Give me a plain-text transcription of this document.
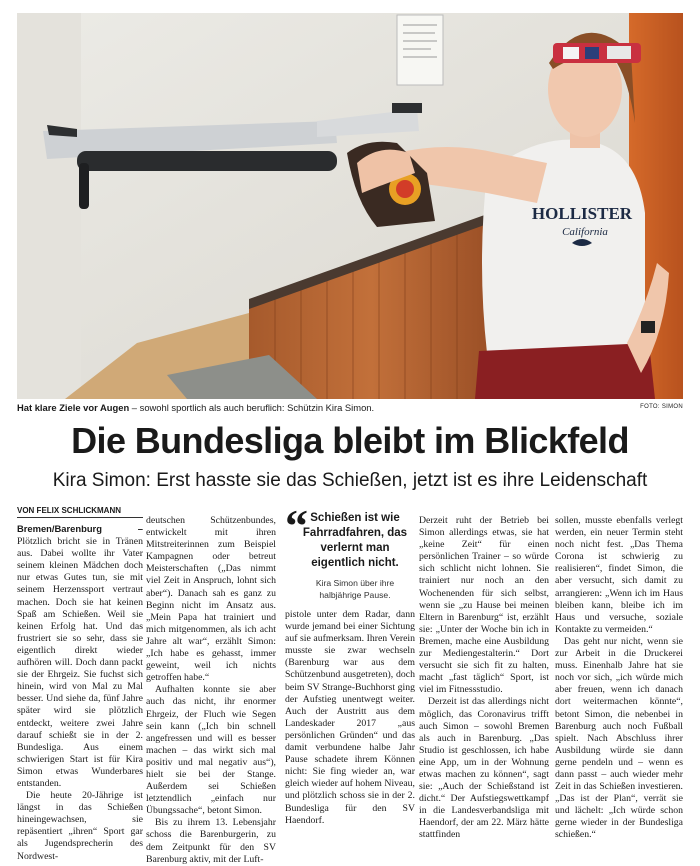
HOLLISTER
California
Hat klare Ziele vor Augen – sowohl sportlich als auch beruflich: Schützin Kira Simon.	FOTO: SIMON
Die Bundesliga bleibt im Blickfeld
Kira Simon: Erst hasste sie das Schießen, jetzt ist es ihre Leidenschaft
VON FELIX SCHLICKMANN

Bremen/Barenburg – Plötzlich bricht sie in Tränen aus. Dabei wollte ihr Vater seinem kleinen Mädchen doch nur etwas Gutes tun, sie mit seinem Herzenssport vertraut machen. Doch sie hat keinen Spaß am Schießen. Weil sie keinen Erfolg hat. Und das frustriert sie so sehr, dass sie eigentlich direkt wieder aufhören will. Doch dann packt sie der Ehrgeiz. Sie fuchst sich hinein, wird von Mal zu Mal besser. Und siehe da, fünf Jahre später wird sie plötzlich entdeckt, weitere zwei Jahre darauf schießt sie in der 2. Bundesliga. Aus einem schwierigen Start ist für Kira Simon etwas Wunderbares entstanden.

Die heute 20-Jährige ist längst in das Schießen hineingewachsen, sie repäsentiert „ihren“ Sport gar als Jugendsprecherin des Nordwest-

deutschen Schützenbundes, entwickelt mit ihren Mitstreiterinnen zum Beispiel Kampagnen oder betreut Meisterschaften („Das nimmt viel Zeit in Anspruch, lohnt sich aber“). Danach sah es ganz zu Beginn nicht im Ansatz aus. „Mein Papa hat trainiert und mich mitgenommen, als ich acht Jahre alt war“, erzählt Simon: „Ich habe es gehasst, immer geweint, weil ich nichts getroffen habe.“

Aufhalten konnte sie aber auch das nicht, ihr enormer Ehrgeiz, der Fluch wie Segen sein kann („Ich bin schnell angefressen und will es besser machen – das wirkt sich mal positiv und mal negativ aus“), hielt sie bei der Stange. Außerdem sei Schießen letztendlich „einfach nur Übungssache“, betont Simon.

Bis zu ihrem 13. Lebensjahr schoss die Barenburgerin, zu dem Zeitpunkt für den SV Barenburg aktiv, mit der Luft-

“ Schießen ist wie Fahrradfahren, das verlernt man eigentlich nicht.
Kira Simon über ihre halbjährige Pause.

pistole unter dem Radar, dann wurde jemand bei einer Sichtung auf sie aufmerksam. Ihren Verein musste sie zwar wechseln (Barenburg war aus dem Schützenbund ausgetreten), doch beim SV Strange-Buchhorst ging der Aufstieg unentwegt weiter. Auch der Austritt aus dem Landeskader 2017 „aus persönlichen Gründen“ und das damit verbundene halbe Jahr Pause schadete ihrem Können nicht: Sie fing wieder an, war gleich wieder auf hohem Niveau, und plötzlich schoss sie in der 2. Bundesliga für den SV Haendorf.

Derzeit ruht der Betrieb bei Simon allerdings etwas, sie hat „keine Zeit“ für einen persönlichen Trainer – so würde sich schlicht nicht lohnen. Sie trainiert nur noch an den Wochenenden für sich selbst, wenn sie „zu Hause bei meinen Eltern in Barenburg“ ist, erzählt sie: „Unter der Woche bin ich in Bremen, mache eine Ausbildung zur Mediengestalterin.“ Dort versucht sie sich fit zu halten, macht „fast täglich“ Sport, ist viel im Fitnessstudio.

Derzeit ist das allerdings nicht möglich, das Coronavirus trifft auch Simon – sowohl Bremen als auch in Barenburg. „Das Studio ist geschlossen, ich habe eine App, um in der Wohnung etwas machen zu können“, sagt sie: „Auch der Schießstand ist dicht.“ Der Aufstiegswettkampf in die Landesverbandsliga mit Haendorf, der am 22. März hätte stattfinden

sollen, musste ebenfalls verlegt werden, ein neuer Termin steht noch nicht fest. „Das Thema Corona ist schwierig zu realisieren“, findet Simon, die aber versucht, sich damit zu arrangieren: „Wenn ich im Haus bleiben kann, bleibe ich im Haus und versuche, soziale Kontakte zu vermeiden.“

Das geht nur nicht, wenn sie zur Arbeit in die Druckerei muss. Einenhalb Jahre hat sie noch vor sich, „ich würde mich aber freuen, wenn ich danach dort weitermachen könnte“, betont Simon, die nebenbei in Barenburg auch noch Fußball spielt. Nach Abschluss ihrer Ausbildung würde sie dann gerne pendeln und – wenn es dann passt – auch wieder mehr Zeit in das Schießen investieren. „Das ist der Plan“, verrät sie und lächelt: „Ich würde schon gerne wieder in der Bundesliga schießen.“
